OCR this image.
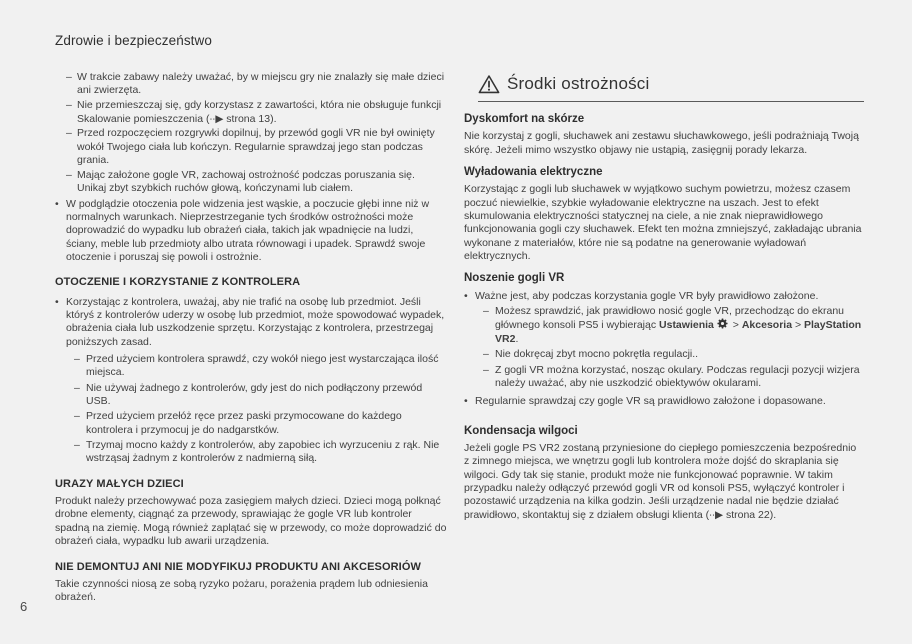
Zdrowie i bezpieczeństwo
– W trakcie zabawy należy uważać, by w miejscu gry nie znalazły się małe dzieci ani zwierzęta.
– Nie przemieszczaj się, gdy korzystasz z zawartości, która nie obsługuje funkcji Skalowanie pomieszczenia (∙∙▶ strona 13).
– Przed rozpoczęciem rozgrywki dopilnuj, by przewód gogli VR nie był owinięty wokół Twojego ciała lub kończyn. Regularnie sprawdzaj jego stan podczas grania.
– Mając założone gogle VR, zachowaj ostrożność podczas poruszania się. Unikaj zbyt szybkich ruchów głową, kończynami lub ciałem.
• W podglądzie otoczenia pole widzenia jest wąskie, a poczucie głębi inne niż w normalnych warunkach. Nieprzestrzeganie tych środków ostrożności może doprowadzić do wypadku lub obrażeń ciała, takich jak wpadnięcie na ludzi, ściany, meble lub przedmioty albo utrata równowagi i upadek. Sprawdź swoje otoczenie i poruszaj się powoli i ostrożnie.
OTOCZENIE I KORZYSTANIE Z KONTROLERA
• Korzystając z kontrolera, uważaj, aby nie trafić na osobę lub przedmiot. Jeśli któryś z kontrolerów uderzy w osobę lub przedmiot, może spowodować wypadek, obrażenia ciała lub uszkodzenie sprzętu. Korzystając z kontrolera, przestrzegaj poniższych zasad.
– Przed użyciem kontrolera sprawdź, czy wokół niego jest wystarczająca ilość miejsca.
– Nie używaj żadnego z kontrolerów, gdy jest do nich podłączony przewód USB.
– Przed użyciem przełóż ręce przez paski przymocowane do każdego kontrolera i przymocuj je do nadgarstków.
– Trzymaj mocno każdy z kontrolerów, aby zapobiec ich wyrzuceniu z rąk. Nie wstrząsaj żadnym z kontrolerów z nadmierną siłą.
URAZY MAŁYCH DZIECI
Produkt należy przechowywać poza zasięgiem małych dzieci. Dzieci mogą połknąć drobne elementy, ciągnąć za przewody, sprawiając że gogle VR lub kontroler spadną na ziemię. Mogą również zaplątać się w przewody, co może doprowadzić do obrażeń ciała, wypadku lub awarii urządzenia.
NIE DEMONTUJ ANI NIE MODYFIKUJ PRODUKTU ANI AKCESORIÓW
Takie czynności niosą ze sobą ryzyko pożaru, porażenia prądem lub odniesienia obrażeń.
Środki ostrożności
Dyskomfort na skórze
Nie korzystaj z gogli, słuchawek ani zestawu słuchawkowego, jeśli podrażniają Twoją skórę. Jeżeli mimo wszystko objawy nie ustąpią, zasięgnij porady lekarza.
Wyładowania elektryczne
Korzystając z gogli lub słuchawek w wyjątkowo suchym powietrzu, możesz czasem poczuć niewielkie, szybkie wyładowanie elektryczne na uszach. Jest to efekt skumulowania elektryczności statycznej na ciele, a nie znak nieprawidłowego funkcjonowania gogli czy słuchawek. Efekt ten można zmniejszyć, zakładając ubrania wykonane z materiałów, które nie są podatne na generowanie wyładowań elektrycznych.
Noszenie gogli VR
• Ważne jest, aby podczas korzystania gogle VR były prawidłowo założone.
– Możesz sprawdzić, jak prawidłowo nosić gogle VR, przechodząc do ekranu głównego konsoli PS5 i wybierając Ustawienia > Akcesoria > PlayStation VR2.
– Nie dokręcaj zbyt mocno pokrętła regulacji..
– Z gogli VR można korzystać, nosząc okulary. Podczas regulacji pozycji wizjera należy uważać, aby nie uszkodzić obiektywów okularami.
• Regularnie sprawdzaj czy gogle VR są prawidłowo założone i dopasowane.
Kondensacja wilgoci
Jeżeli gogle PS VR2 zostaną przyniesione do ciepłego pomieszczenia bezpośrednio z zimnego miejsca, we wnętrzu gogli lub kontrolera może dojść do skraplania się wilgoci. Gdy tak się stanie, produkt może nie funkcjonować poprawnie. W takim przypadku należy odłączyć przewód gogli VR od konsoli PS5, wyłączyć kontroler i pozostawić urządzenia na kilka godzin. Jeśli urządzenie nadal nie będzie działać prawidłowo, skontaktuj się z działem obsługi klienta (∙∙▶ strona 22).
6
